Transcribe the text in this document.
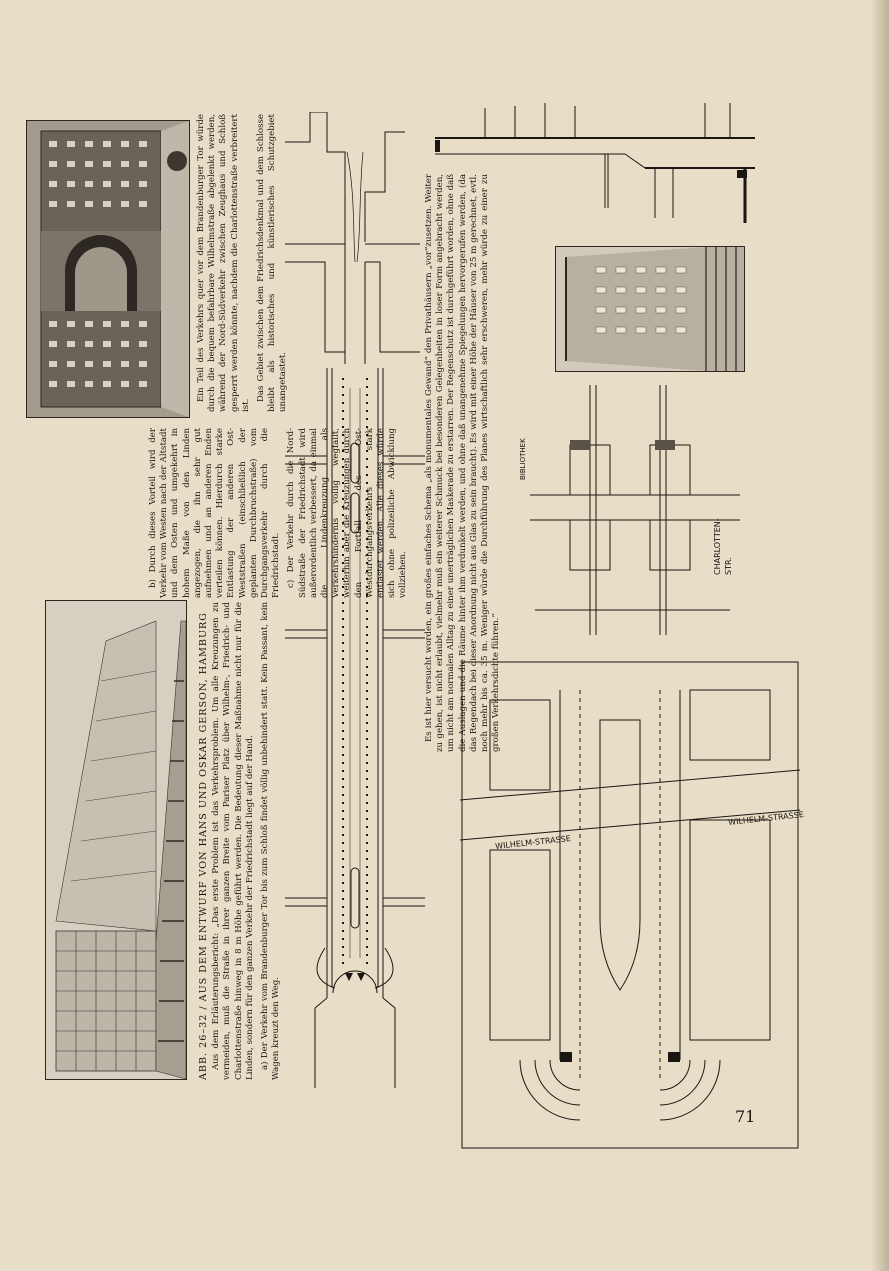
ABB. 26–32 / AUS DEM ENTWURF VON HANS UND OSKAR GERSON, HAMBURG Aus dem Erläuterungsbericht: „Das erste Problem ist das Verkehrsproblem. Um alle Kreuzungen zu vermeiden, muß die Straße in ihrer ganzen Breite vom Pariser Platz über Wilhelm-, Friedrich- und Charlottenstraße hinweg in 8 m Höhe geführt werden. Die Bedeutung dieser Maßnahme nicht nur für die Linden, sondern für den ganzen Verkehr der Friedrichstadt liegt auf der Hand. a) Der Verkehr vom Brandenburger Tor bis zum Schloß findet völlig unbehindert statt. Kein Passant, kein Wagen kreuzt den Weg.

b) Durch dieses Vorteil wird der Verkehr vom Westen nach der Altstadt und dem Osten und umgekehrt in hohem Maße von den Linden angezogen, die ihn sehr gut aufnehmen und an anderen Enden verteilen können. Hierdurch starke Entlastung der anderen Ost-Weststraßen (einschließlich der geplanten Durchbruchstraße) vom Durchgangsverkehr durch die Friedrichstadt. c) Der Verkehr durch die Nord-Südstraße der Friedrichstadt wird außerordentlich verbessert, da einmal die Lindenkreuzung als Verkehrshindernis völlig wegfällt, weiterhin aber die Kreuzungen durch den Fortfall des Ost-Westdurchgangsverkehrs stark entlastet werden. Alle dieses würde sich ohne polizeiliche Abwicklung vollziehen.

Ein Teil des Verkehrs quer vor dem Brandenburger Tor würde durch die bequem befahrbare Wilhelmstraße abgelenkt werden, während der Nord-Südverkehr zwischen Zeughaus und Schloß gesperrt werden könnte, nachdem die Charlottenstraße verbreitert ist.

Das Gebiet zwischen dem Friedrichsdenkmal und dem Schlosse bleibt als historisches und künstlerisches Schutzgebiet unangetastet.	Es ist hier versucht worden, ein großes einfaches Schema „als monumentales Gewand“ den Privathäusern „vor“zusetzen. Weiter zu gehen, ist nicht erlaubt, vielmehr muß ein weiterer Schmuck bei besonderen Gelegenheiten in loser Form angebracht werden, um nicht am normalen Alltag zu einer unerträglichen Maskerade zu erstarren. Der Regenschutz ist durchgeführt worden, ohne daß die Auslagen und die Räume hinter ihm verdunkelt werden, und ohne daß unangenehme Spiegelungen hervorgerufen werden, (da das Regendach bei dieser Anordnung nicht aus Glas zu sein braucht). Es wird mit einer Höhe der Häuser von 25 m gerechnet, evtl. noch mehr bis ca. 35 m. Weniger würde die Durchführung des Planes wirtschaftlich sehr erschweren, mehr würde zu einer zu großen Verkehrsdichte führen.“

CHARLOTTEN-STR.
BIBLIOTHEK
WILHELM-STRASSE
WILHELM-STRASSE
71
